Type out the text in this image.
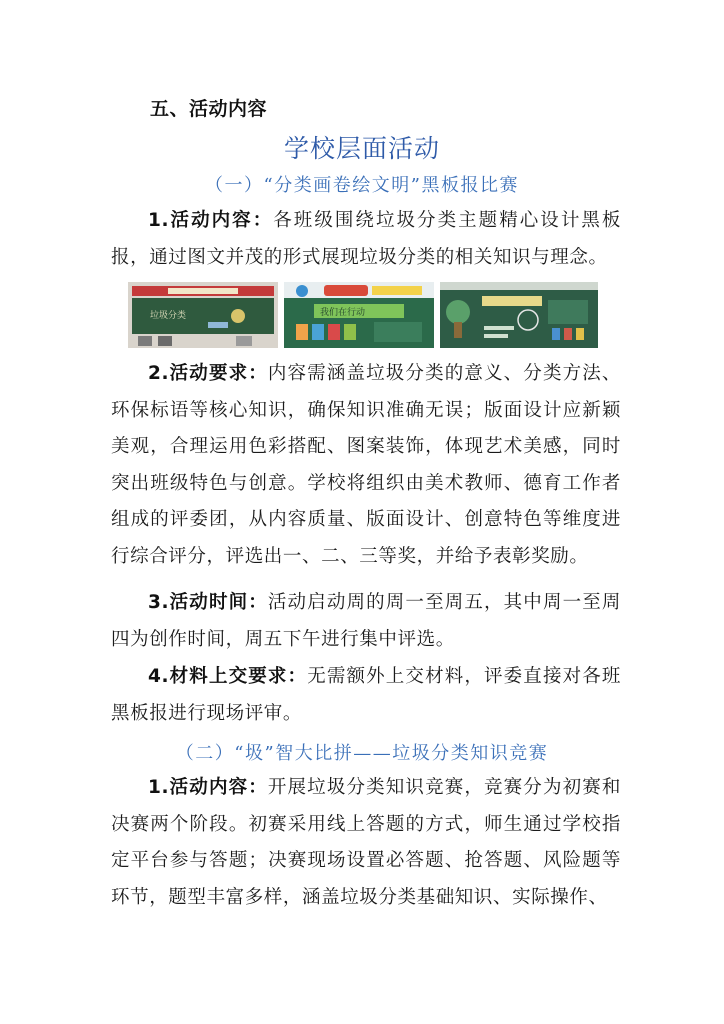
五、活动内容
学校层面活动
（一）“分类画卷绘文明”黑板报比赛
1.活动内容：各班级围绕垃圾分类主题精心设计黑板报，通过图文并茂的形式展现垃圾分类的相关知识与理念。
垃圾分类	我们在行动
2.活动要求：内容需涵盖垃圾分类的意义、分类方法、环保标语等核心知识，确保知识准确无误；版面设计应新颖美观，合理运用色彩搭配、图案装饰，体现艺术美感，同时突出班级特色与创意。学校将组织由美术教师、德育工作者组成的评委团，从内容质量、版面设计、创意特色等维度进行综合评分，评选出一、二、三等奖，并给予表彰奖励。
3.活动时间：活动启动周的周一至周五，其中周一至周四为创作时间，周五下午进行集中评选。
4.材料上交要求：无需额外上交材料，评委直接对各班黑板报进行现场评审。
（二）“圾”智大比拼——垃圾分类知识竞赛
1.活动内容：开展垃圾分类知识竞赛，竞赛分为初赛和决赛两个阶段。初赛采用线上答题的方式，师生通过学校指定平台参与答题；决赛现场设置必答题、抢答题、风险题等环节，题型丰富多样，涵盖垃圾分类基础知识、实际操作、
